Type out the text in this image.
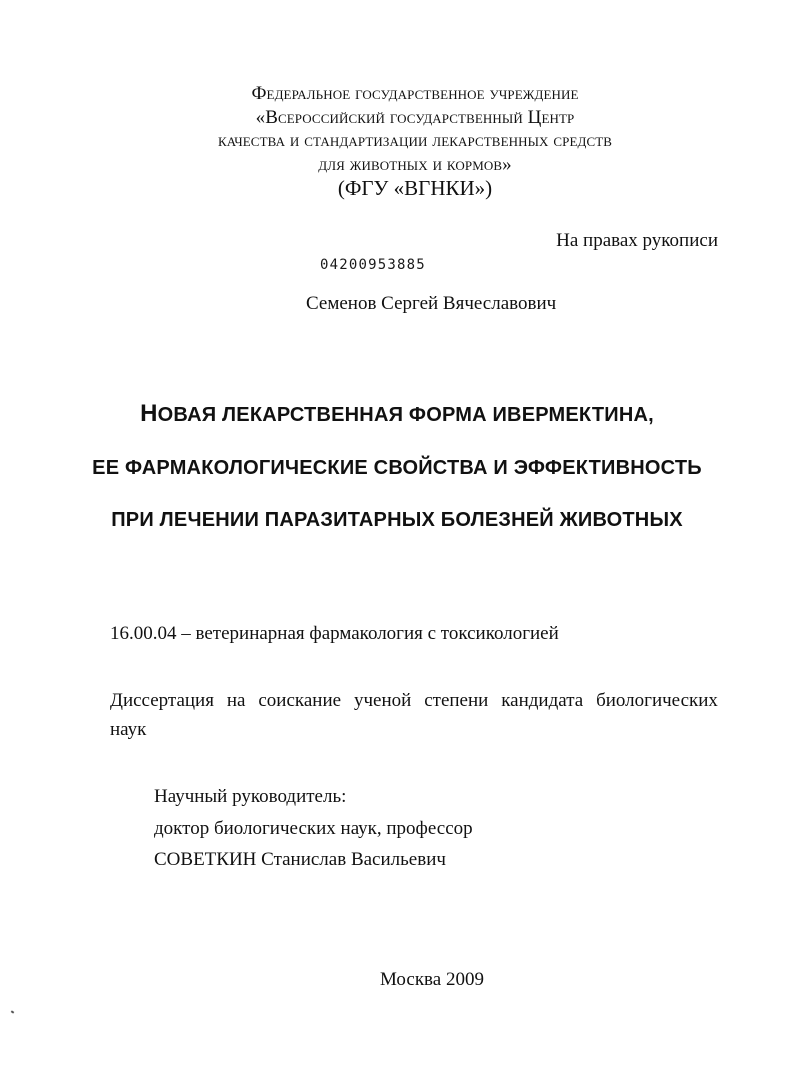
Федеральное государственное учреждение
«Всероссийский государственный Центр
качества и стандартизации лекарственных средств
для животных и кормов»
(ФГУ «ВГНКИ»)
На правах рукописи
04200953885
Семенов Сергей Вячеславович
НОВАЯ ЛЕКАРСТВЕННАЯ ФОРМА ИВЕРМЕКТИНА,
ЕЕ ФАРМАКОЛОГИЧЕСКИЕ СВОЙСТВА И ЭФФЕКТИВНОСТЬ
ПРИ ЛЕЧЕНИИ ПАРАЗИТАРНЫХ БОЛЕЗНЕЙ ЖИВОТНЫХ
16.00.04 – ветеринарная фармакология с токсикологией
Диссертация на соискание ученой степени кандидата биологических
наук
Научный руководитель:
доктор биологических наук, профессор
СОВЕТКИН Станислав Васильевич
Москва 2009
